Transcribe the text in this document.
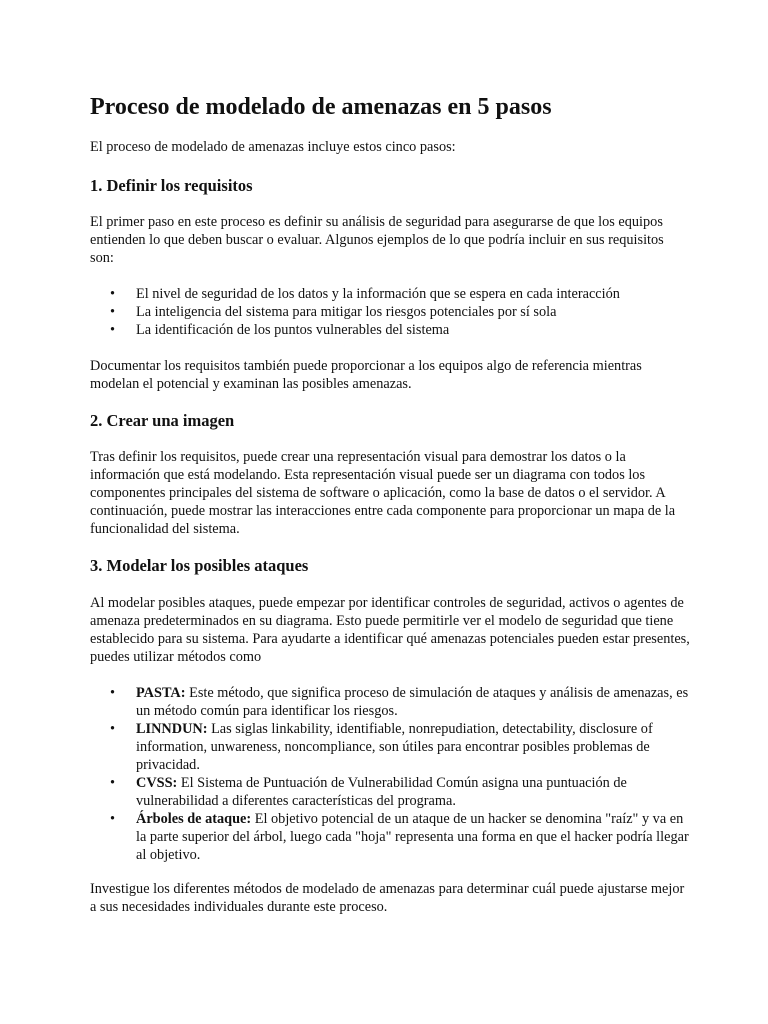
Proceso de modelado de amenazas en 5 pasos

El proceso de modelado de amenazas incluye estos cinco pasos:

1. Definir los requisitos

El primer paso en este proceso es definir su análisis de seguridad para asegurarse de que los equipos entienden lo que deben buscar o evaluar. Algunos ejemplos de lo que podría incluir en sus requisitos son:

• El nivel de seguridad de los datos y la información que se espera en cada interacción
• La inteligencia del sistema para mitigar los riesgos potenciales por sí sola
• La identificación de los puntos vulnerables del sistema

Documentar los requisitos también puede proporcionar a los equipos algo de referencia mientras modelan el potencial y examinan las posibles amenazas.

2. Crear una imagen

Tras definir los requisitos, puede crear una representación visual para demostrar los datos o la información que está modelando. Esta representación visual puede ser un diagrama con todos los componentes principales del sistema de software o aplicación, como la base de datos o el servidor. A continuación, puede mostrar las interacciones entre cada componente para proporcionar un mapa de la funcionalidad del sistema.

3. Modelar los posibles ataques

Al modelar posibles ataques, puede empezar por identificar controles de seguridad, activos o agentes de amenaza predeterminados en su diagrama. Esto puede permitirle ver el modelo de seguridad que tiene establecido para su sistema. Para ayudarte a identificar qué amenazas potenciales pueden estar presentes, puedes utilizar métodos como

• PASTA: Este método, que significa proceso de simulación de ataques y análisis de amenazas, es un método común para identificar los riesgos.
• LINNDUN: Las siglas linkability, identifiable, nonrepudiation, detectability, disclosure of information, unwareness, noncompliance, son útiles para encontrar posibles problemas de privacidad.
• CVSS: El Sistema de Puntuación de Vulnerabilidad Común asigna una puntuación de vulnerabilidad a diferentes características del programa.
• Árboles de ataque: El objetivo potencial de un ataque de un hacker se denomina "raíz" y va en la parte superior del árbol, luego cada "hoja" representa una forma en que el hacker podría llegar al objetivo.

Investigue los diferentes métodos de modelado de amenazas para determinar cuál puede ajustarse mejor a sus necesidades individuales durante este proceso.
